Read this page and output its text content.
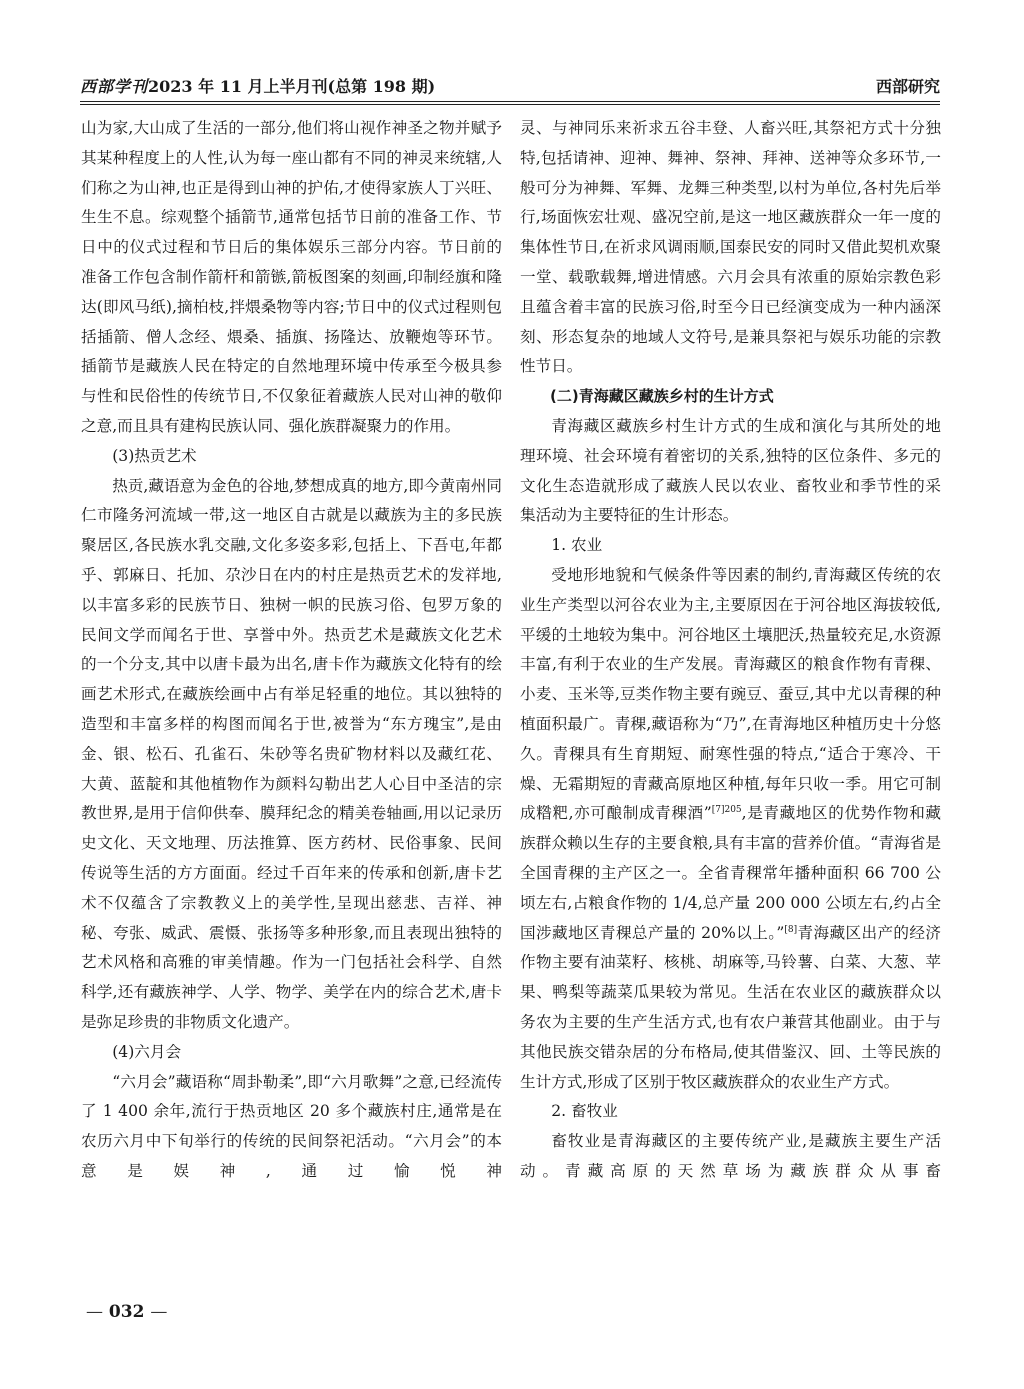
西部学刊2023 年 11 月上半月刊(总第 198 期)	西部研究

山为家,大山成了生活的一部分,他们将山视作神圣之物并赋予其某种程度上的人性,认为每一座山都有不同的神灵来统辖,人们称之为山神,也正是得到山神的护佑,才使得家族人丁兴旺、生生不息。综观整个插箭节,通常包括节日前的准备工作、节日中的仪式过程和节日后的集体娱乐三部分内容。节日前的准备工作包含制作箭杆和箭镞,箭板图案的刻画,印制经旗和隆达(即风马纸),摘柏枝,拌煨桑物等内容;节日中的仪式过程则包括插箭、僧人念经、煨桑、插旗、扬隆达、放鞭炮等环节。插箭节是藏族人民在特定的自然地理环境中传承至今极具参与性和民俗性的传统节日,不仅象征着藏族人民对山神的敬仰之意,而且具有建构民族认同、强化族群凝聚力的作用。

(3)热贡艺术

热贡,藏语意为金色的谷地,梦想成真的地方,即今黄南州同仁市隆务河流域一带,这一地区自古就是以藏族为主的多民族聚居区,各民族水乳交融,文化多姿多彩,包括上、下吾屯,年都乎、郭麻日、托加、尕沙日在内的村庄是热贡艺术的发祥地,以丰富多彩的民族节日、独树一帜的民族习俗、包罗万象的民间文学而闻名于世、享誉中外。热贡艺术是藏族文化艺术的一个分支,其中以唐卡最为出名,唐卡作为藏族文化特有的绘画艺术形式,在藏族绘画中占有举足轻重的地位。其以独特的造型和丰富多样的构图而闻名于世,被誉为“东方瑰宝”,是由金、银、松石、孔雀石、朱砂等名贵矿物材料以及藏红花、大黄、蓝靛和其他植物作为颜料勾勒出艺人心目中圣洁的宗教世界,是用于信仰供奉、膜拜纪念的精美卷轴画,用以记录历史文化、天文地理、历法推算、医方药材、民俗事象、民间传说等生活的方方面面。经过千百年来的传承和创新,唐卡艺术不仅蕴含了宗教教义上的美学性,呈现出慈悲、吉祥、神秘、夸张、威武、震慑、张扬等多种形象,而且表现出独特的艺术风格和高雅的审美情趣。作为一门包括社会科学、自然科学,还有藏族神学、人学、物学、美学在内的综合艺术,唐卡是弥足珍贵的非物质文化遗产。

(4)六月会

“六月会”藏语称“周卦勒柔”,即“六月歌舞”之意,已经流传了 1 400 余年,流行于热贡地区 20 多个藏族村庄,通常是在农历六月中下旬举行的传统的民间祭祀活动。“六月会”的本意是娱神,通过愉悦神

灵、与神同乐来祈求五谷丰登、人畜兴旺,其祭祀方式十分独特,包括请神、迎神、舞神、祭神、拜神、送神等众多环节,一般可分为神舞、军舞、龙舞三种类型,以村为单位,各村先后举行,场面恢宏壮观、盛况空前,是这一地区藏族群众一年一度的集体性节日,在祈求风调雨顺,国泰民安的同时又借此契机欢聚一堂、载歌载舞,增进情感。六月会具有浓重的原始宗教色彩且蕴含着丰富的民族习俗,时至今日已经演变成为一种内涵深刻、形态复杂的地域人文符号,是兼具祭祀与娱乐功能的宗教性节日。

(二)青海藏区藏族乡村的生计方式

青海藏区藏族乡村生计方式的生成和演化与其所处的地理环境、社会环境有着密切的关系,独特的区位条件、多元的文化生态造就形成了藏族人民以农业、畜牧业和季节性的采集活动为主要特征的生计形态。

1. 农业

受地形地貌和气候条件等因素的制约,青海藏区传统的农业生产类型以河谷农业为主,主要原因在于河谷地区海拔较低,平缓的土地较为集中。河谷地区土壤肥沃,热量较充足,水资源丰富,有利于农业的生产发展。青海藏区的粮食作物有青稞、小麦、玉米等,豆类作物主要有豌豆、蚕豆,其中尤以青稞的种植面积最广。青稞,藏语称为“乃”,在青海地区种植历史十分悠久。青稞具有生育期短、耐寒性强的特点,“适合于寒冷、干燥、无霜期短的青藏高原地区种植,每年只收一季。用它可制成糌粑,亦可酿制成青稞酒”$^{[7]205}$,是青藏地区的优势作物和藏族群众赖以生存的主要食粮,具有丰富的营养价值。“青海省是全国青稞的主产区之一。全省青稞常年播种面积 66 700 公顷左右,占粮食作物的 1/4,总产量 200 000 公顷左右,约占全国涉藏地区青稞总产量的 20%以上。”[8]青海藏区出产的经济作物主要有油菜籽、核桃、胡麻等,马铃薯、白菜、大葱、苹果、鸭梨等蔬菜瓜果较为常见。生活在农业区的藏族群众以务农为主要的生产生活方式,也有农户兼营其他副业。由于与其他民族交错杂居的分布格局,使其借鉴汉、回、土等民族的生计方式,形成了区别于牧区藏族群众的农业生产方式。

2. 畜牧业

畜牧业是青海藏区的主要传统产业,是藏族主要生产活动。青藏高原的天然草场为藏族群众从事畜

— 032 —
